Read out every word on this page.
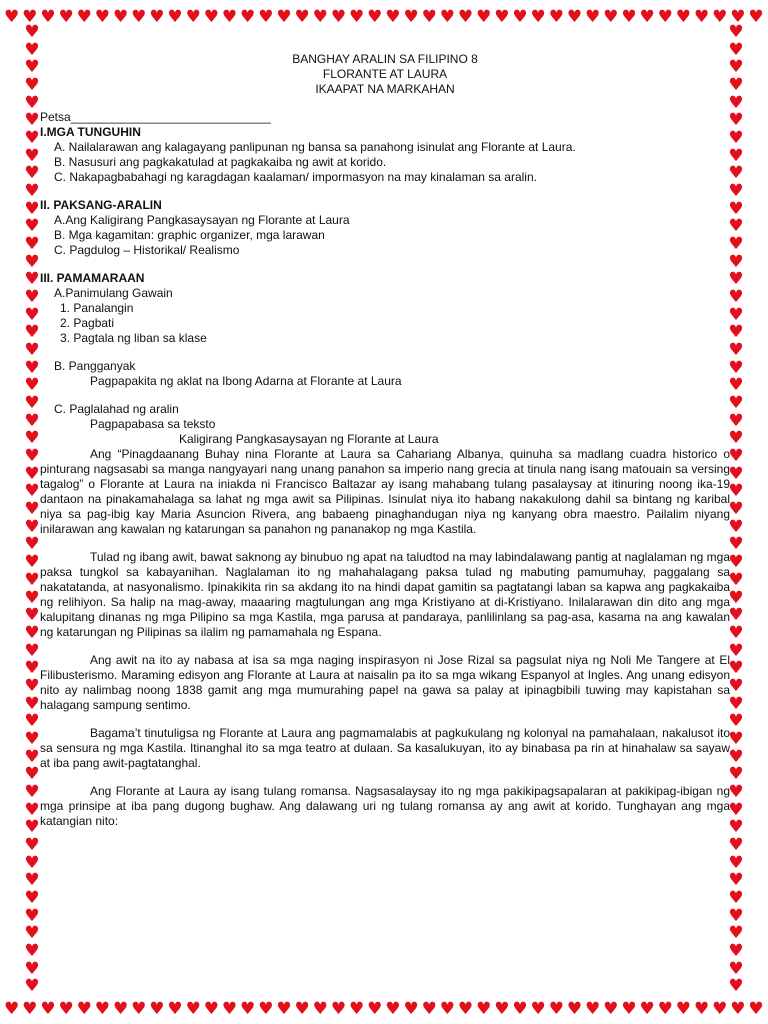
♥ ♥ ♥ ♥ ♥ ♥ ♥ ♥ ♥ ♥ ♥ ♥ ♥ ♥ ♥ ♥ ♥ ♥ ♥ ♥ ♥ ♥ ♥ ♥ ♥ ♥ ♥ ♥ ♥ ♥ ♥ ♥ ♥ ♥ ♥ ♥ ♥ ♥ ♥ ♥ ♥ ♥
♥ ♥ ♥ ♥ ♥ ♥ ♥ ♥ ♥ ♥ ♥ ♥ ♥ ♥ ♥ ♥ ♥ ♥ ♥ ♥ ♥ ♥ ♥ ♥ ♥ ♥ ♥ ♥ ♥ ♥ ♥ ♥ ♥ ♥ ♥ ♥ ♥ ♥ ♥ ♥ ♥ ♥
♥
♥
♥
♥
♥
♥
♥
♥
♥
♥
♥
♥
♥
♥
♥
♥
♥
♥
♥
♥
♥
♥
♥
♥
♥
♥
♥
♥
♥
♥
♥
♥
♥
♥
♥
♥
♥
♥
♥
♥
♥
♥
♥
♥
♥
♥
♥
♥
♥
♥
♥
♥
♥
♥
♥
♥
♥
♥
♥
♥
♥
♥
♥
♥
♥
♥
♥
♥
♥
♥
♥
♥
♥
♥
♥
♥
♥
♥
♥
♥
♥
♥
♥
♥
♥
♥
♥
♥
♥
♥
♥
♥
♥
♥
♥
♥
♥
♥
♥
♥
♥
♥
♥
♥
♥
♥
♥
♥
♥
♥
BANGHAY ARALIN SA FILIPINO 8
FLORANTE AT LAURA
IKAAPAT NA MARKAHAN
Petsa______________________________
I.MGA TUNGUHIN
A. Nailalarawan ang kalagayang panlipunan ng bansa sa panahong isinulat ang Florante at Laura.
B. Nasusuri ang pagkakatulad at pagkakaiba ng awit at korido.
C. Nakapagbabahagi ng karagdagan kaalaman/ impormasyon na may kinalaman sa aralin.
II. PAKSANG-ARALIN
A.Ang Kaligirang Pangkasaysayan ng Florante at Laura
B. Mga kagamitan: graphic organizer, mga larawan
C. Pagdulog – Historikal/ Realismo
III. PAMAMARAAN
A.Panimulang Gawain
1. Panalangin
2. Pagbati
3. Pagtala ng liban sa klase
B. Pangganyak
Pagpapakita ng aklat na Ibong Adarna at Florante at Laura
C. Paglalahad ng aralin
Pagpapabasa sa teksto
Kaligirang Pangkasaysayan ng Florante at Laura

Ang “Pinagdaanang Buhay nina Florante at Laura sa Cahariang Albanya, quinuha sa madlang cuadra historico o pinturang nagsasabi sa manga nangyayari nang unang panahon sa imperio nang grecia at tinula nang isang matouain sa versing tagalog” o Florante at Laura na iniakda ni Francisco Baltazar ay isang mahabang tulang pasalaysay at itinuring noong ika-19 dantaon na pinakamahalaga sa lahat ng mga awit sa Pilipinas. Isinulat niya ito habang nakakulong dahil sa bintang ng karibal niya sa pag-ibig kay Maria Asuncion Rivera, ang babaeng pinaghandugan niya ng kanyang obra maestro. Pailalim niyang inilarawan ang kawalan ng katarungan sa panahon ng pananakop ng mga Kastila.

Tulad ng ibang awit, bawat saknong ay binubuo ng apat na taludtod na may labindalawang pantig at naglalaman ng mga paksa tungkol sa kabayanihan. Naglalaman ito ng mahahalagang paksa tulad ng mabuting pamumuhay, paggalang sa nakatatanda, at nasyonalismo. Ipinakikita rin sa akdang ito na hindi dapat gamitin sa pagtatangi laban sa kapwa ang pagkakaiba ng relihiyon. Sa halip na mag-away, maaaring magtulungan ang mga Kristiyano at di-Kristiyano. Inilalarawan din dito ang mga kalupitang dinanas ng mga Pilipino sa mga Kastila, mga parusa at pandaraya, panlilinlang sa pag-asa, kasama na ang kawalan ng katarungan ng Pilipinas sa ilalim ng pamamahala ng Espana.

Ang awit na ito ay nabasa at isa sa mga naging inspirasyon ni Jose Rizal sa pagsulat niya ng Noli Me Tangere at El Filibusterismo. Maraming edisyon ang Florante at Laura at naisalin pa ito sa mga wikang Espanyol at Ingles. Ang unang edisyon nito ay nalimbag noong 1838 gamit ang mga mumurahing papel na gawa sa palay at ipinagbibili tuwing may kapistahan sa halagang sampung sentimo.

Bagama’t tinutuligsa ng Florante at Laura ang pagmamalabis at pagkukulang ng kolonyal na pamahalaan, nakalusot ito sa sensura ng mga Kastila. Itinanghal ito sa mga teatro at dulaan. Sa kasalukuyan, ito ay binabasa pa rin at hinahalaw sa sayaw at iba pang awit-pagtatanghal.

Ang Florante at Laura ay isang tulang romansa. Nagsasalaysay ito ng mga pakikipagsapalaran at pakikipag-ibigan ng mga prinsipe at iba pang dugong bughaw. Ang dalawang uri ng tulang romansa ay ang awit at korido. Tunghayan ang mga katangian nito:
